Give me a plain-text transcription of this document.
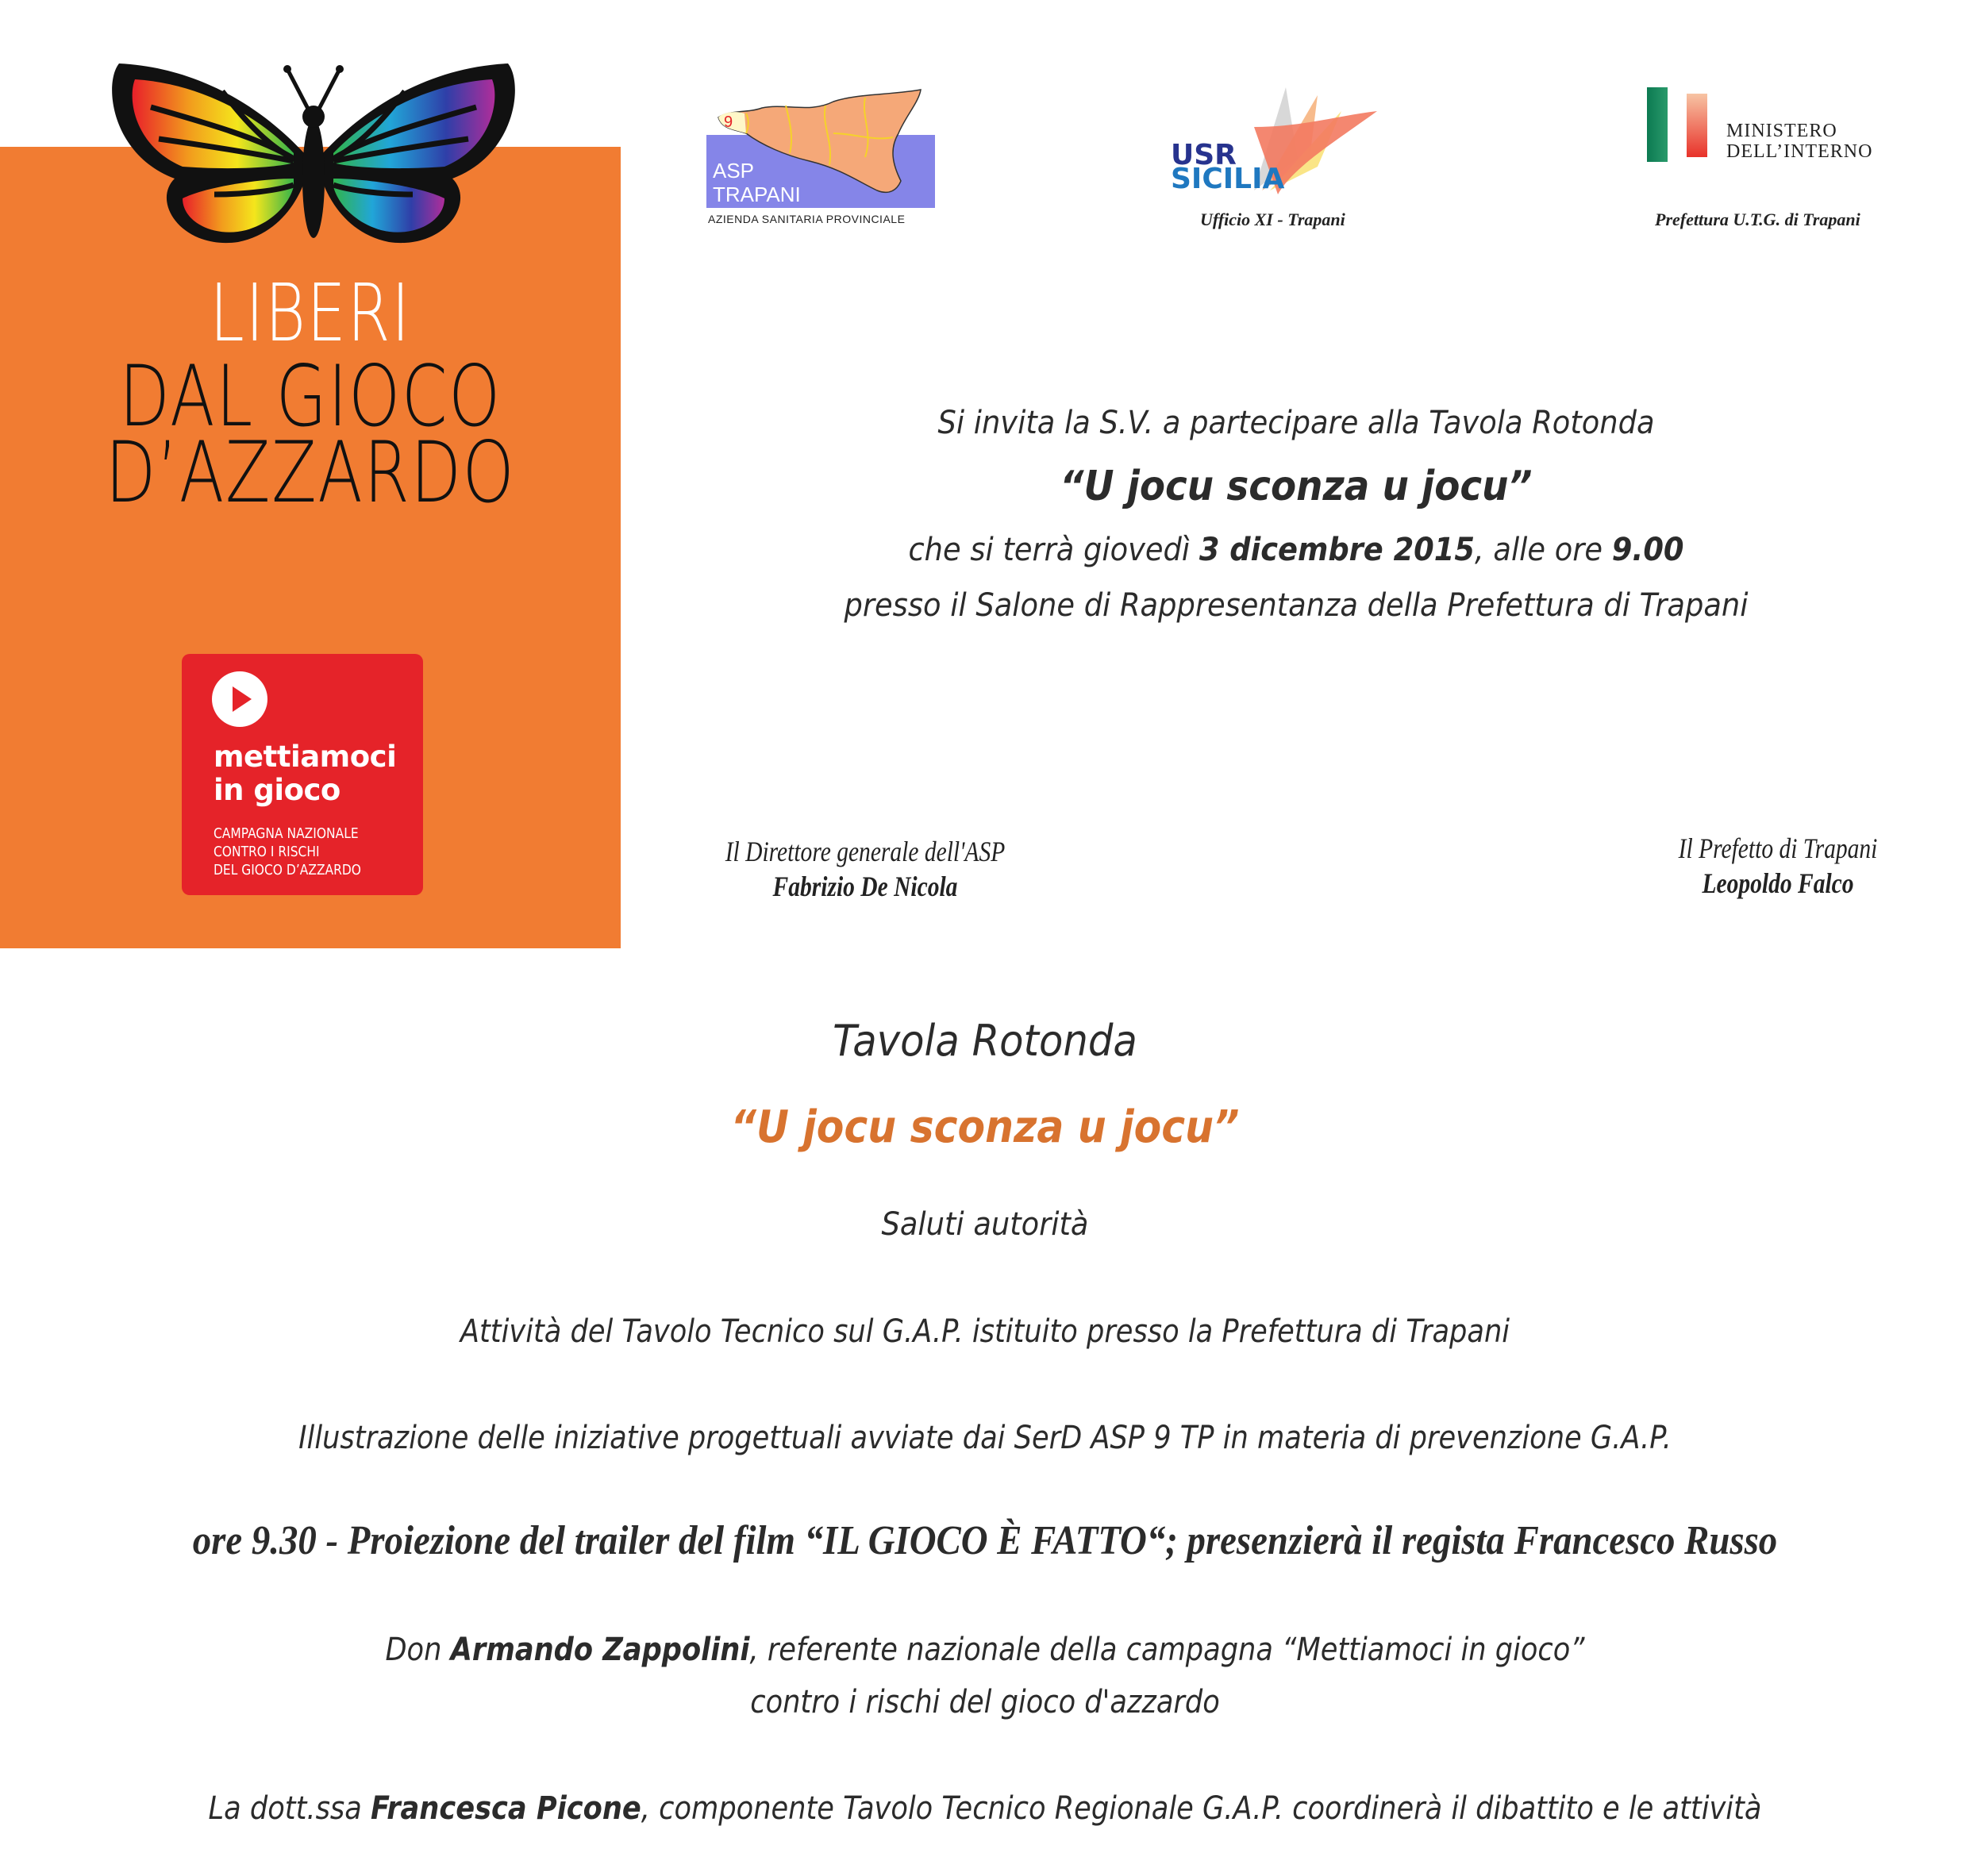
LIBERI
DAL GIOCO
D’AZZARDO
mettiamoci
in gioco
CAMPAGNA NAZIONALE
CONTRO I RISCHI
DEL GIOCO D’AZZARDO
9
ASP
TRAPANI
AZIENDA SANITARIA PROVINCIALE
USR
SICILIA
Ufficio XI - Trapani
MINISTERO
DELL’INTERNO
Prefettura U.T.G. di Trapani
Si invita la S.V. a partecipare alla Tavola Rotonda
“U jocu sconza u jocu”
che si terrà giovedì 3 dicembre 2015, alle ore 9.00
presso il Salone di Rappresentanza della Prefettura di Trapani
Il Direttore generale dell'ASP
Fabrizio De Nicola
Il Prefetto di Trapani
Leopoldo Falco
Tavola Rotonda
“U jocu sconza u jocu”
Saluti autorità
Attività del Tavolo Tecnico sul G.A.P. istituito presso la Prefettura di Trapani
Illustrazione delle iniziative progettuali avviate dai SerD ASP 9 TP in materia di prevenzione G.A.P.
ore 9.30 - Proiezione del trailer del film “IL GIOCO È FATTO“; presenzierà il regista Francesco Russo
Don Armando Zappolini, referente nazionale della campagna “Mettiamoci in gioco”
contro i rischi del gioco d'azzardo
La dott.ssa Francesca Picone, componente Tavolo Tecnico Regionale G.A.P. coordinerà il dibattito e le attività
